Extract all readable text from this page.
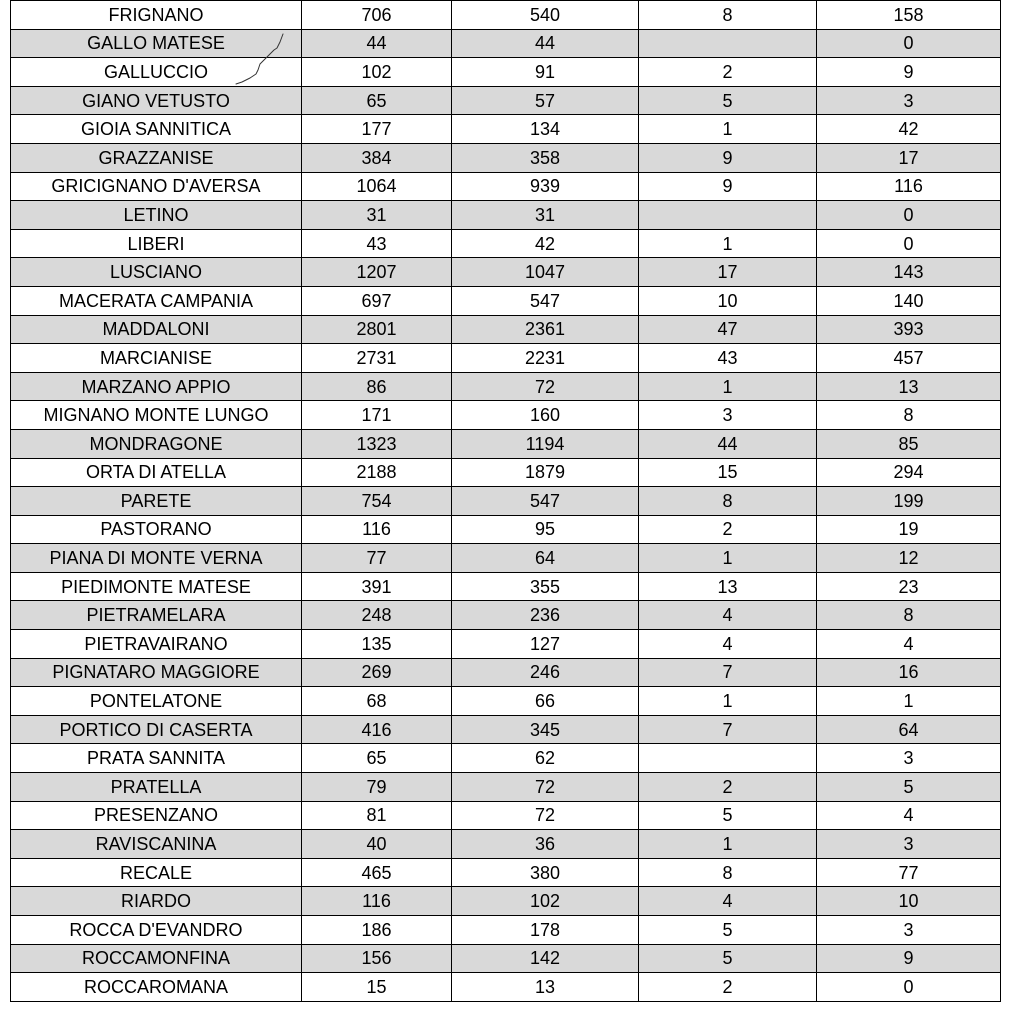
FRIGNANO	706	540	8	158
GALLO MATESE	44	44		0
GALLUCCIO	102	91	2	9
GIANO VETUSTO	65	57	5	3
GIOIA SANNITICA	177	134	1	42
GRAZZANISE	384	358	9	17
GRICIGNANO D'AVERSA	1064	939	9	116
LETINO	31	31		0
LIBERI	43	42	1	0
LUSCIANO	1207	1047	17	143
MACERATA CAMPANIA	697	547	10	140
MADDALONI	2801	2361	47	393
MARCIANISE	2731	2231	43	457
MARZANO APPIO	86	72	1	13
MIGNANO MONTE LUNGO	171	160	3	8
MONDRAGONE	1323	1194	44	85
ORTA DI ATELLA	2188	1879	15	294
PARETE	754	547	8	199
PASTORANO	116	95	2	19
PIANA DI MONTE VERNA	77	64	1	12
PIEDIMONTE MATESE	391	355	13	23
PIETRAMELARA	248	236	4	8
PIETRAVAIRANO	135	127	4	4
PIGNATARO MAGGIORE	269	246	7	16
PONTELATONE	68	66	1	1
PORTICO DI CASERTA	416	345	7	64
PRATA SANNITA	65	62		3
PRATELLA	79	72	2	5
PRESENZANO	81	72	5	4
RAVISCANINA	40	36	1	3
RECALE	465	380	8	77
RIARDO	116	102	4	10
ROCCA D'EVANDRO	186	178	5	3
ROCCAMONFINA	156	142	5	9
ROCCAROMANA	15	13	2	0
